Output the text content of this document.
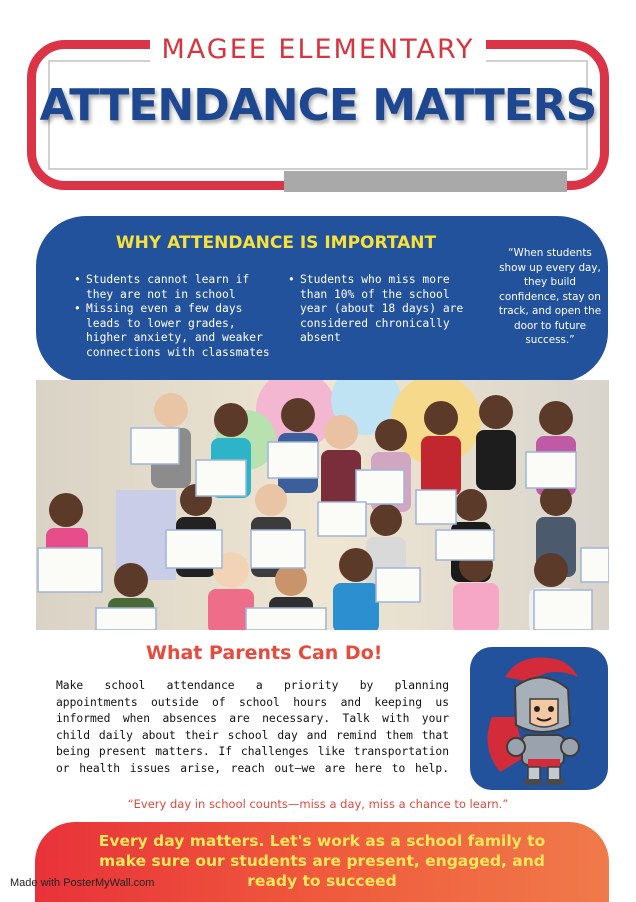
MAGEE ELEMENTARY
ATTENDANCE MATTERS
WHY ATTENDANCE IS IMPORTANT
• Students cannot learn if they are not in school
• Missing even a few days leads to lower grades, higher anxiety, and weaker connections with classmates
• Students who miss more than 10% of the school year (about 18 days) are considered chronically absent
“When students show up every day, they build confidence, stay on track, and open the door to future success.”
What Parents Can Do!

Make school attendance a priority by planning appointments outside of school hours and keeping us informed when absences are necessary. Talk with your child daily about their school day and remind them that being present matters. If challenges like transportation or health issues arise, reach out—we are here to help.

“Every day in school counts—miss a day, miss a chance to learn.”
Every day matters. Let's work as a school family to make sure our students are present, engaged, and ready to succeed
Made with PosterMyWall.com
